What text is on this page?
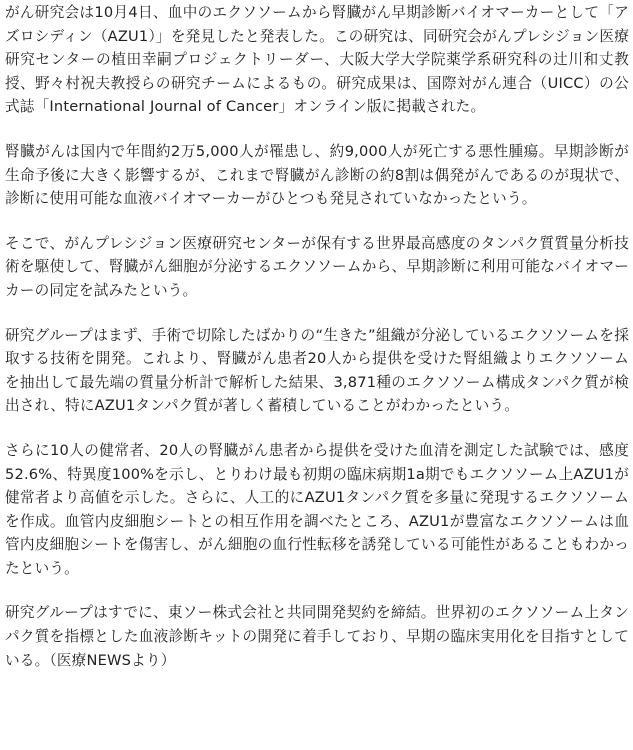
がん研究会は10月4日、血中のエクソソームから腎臓がん早期診断バイオマーカーとして「アズロシディン（AZU1）」を発見したと発表した。この研究は、同研究会がんプレシジョン医療研究センターの植田幸嗣プロジェクトリーダー、大阪大学大学院薬学系研究科の辻川和丈教授、野々村祝夫教授らの研究チームによるもの。研究成果は、国際対がん連合（UICC）の公式誌「International Journal of Cancer」オンライン版に掲載された。

腎臓がんは国内で年間約2万5,000人が罹患し、約9,000人が死亡する悪性腫瘍。早期診断が生命予後に大きく影響するが、これまで腎臓がん診断の約8割は偶発がんであるのが現状で、診断に使用可能な血液バイオマーカーがひとつも発見されていなかったという。

そこで、がんプレシジョン医療研究センターが保有する世界最高感度のタンパク質質量分析技術を駆使して、腎臓がん細胞が分泌するエクソソームから、早期診断に利用可能なバイオマーカーの同定を試みたという。

研究グループはまず、手術で切除したばかりの“生きた”組織が分泌しているエクソソームを採取する技術を開発。これより、腎臓がん患者20人から提供を受けた腎組織よりエクソソームを抽出して最先端の質量分析計で解析した結果、3,871種のエクソソーム構成タンパク質が検出され、特にAZU1タンパク質が著しく蓄積していることがわかったという。

さらに10人の健常者、20人の腎臓がん患者から提供を受けた血清を測定した試験では、感度52.6%、特異度100%を示し、とりわけ最も初期の臨床病期1a期でもエクソソーム上AZU1が健常者より高値を示した。さらに、人工的にAZU1タンパク質を多量に発現するエクソソームを作成。血管内皮細胞シートとの相互作用を調べたところ、AZU1が豊富なエクソソームは血管内皮細胞シートを傷害し、がん細胞の血行性転移を誘発している可能性があることもわかったという。

研究グループはすでに、東ソー株式会社と共同開発契約を締結。世界初のエクソソーム上タンパク質を指標とした血液診断キットの開発に着手しており、早期の臨床実用化を目指すとしている。（医療NEWSより）
